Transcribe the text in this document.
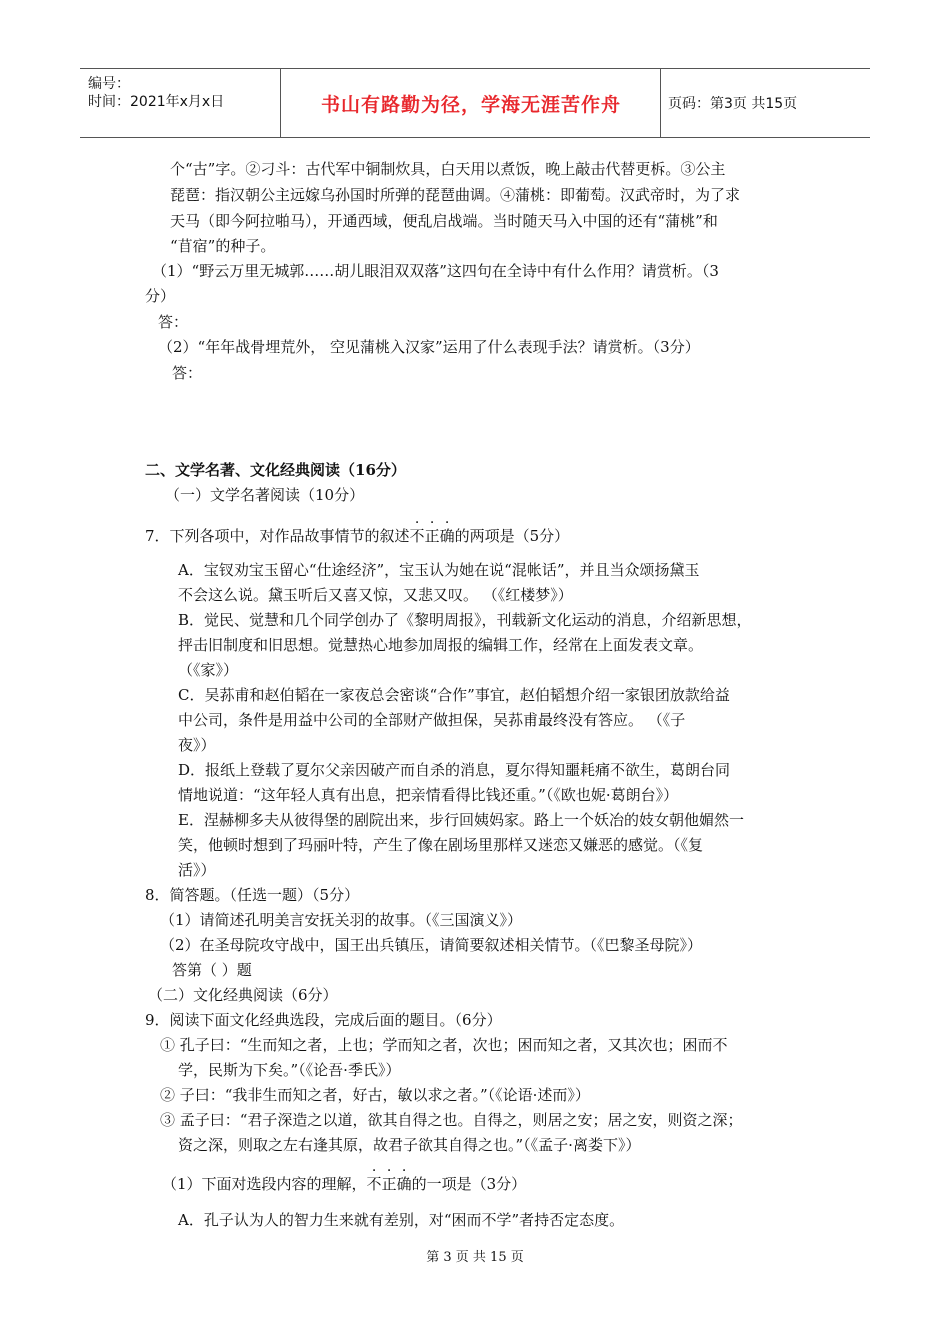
编号：
时间：2021年x月x日	书山有路勤为径，学海无涯苦作舟	页码：第3页 共15页
个“古”字。②刁斗：古代军中铜制炊具，白天用以煮饭，晚上敲击代替更柝。③公主
琵琶：指汉朝公主远嫁乌孙国时所弹的琵琶曲调。④蒲桃：即葡萄。汉武帝时，为了求
天马（即今阿拉啪马），开通西域，便乱启战端。当时随天马入中国的还有“蒲桃”和
“苜宿”的种子。
（1）“野云万里无城郭……胡儿眼泪双双落”这四句在全诗中有什么作用？请赏析。（3
分）
答：
（2）“年年战骨埋荒外， 空见蒲桃入汉家”运用了什么表现手法？请赏析。（3分）
答：
二、文学名著、文化经典阅读（16分）
（一）文学名著阅读（10分）
7．下列各项中，对作品故事情节的叙述不正确的两项是（5分）
A．宝钗劝宝玉留心“仕途经济”，宝玉认为她在说“混帐话”，并且当众颂扬黛玉
不会这么说。黛玉听后又喜又惊，又悲又叹。 （《红楼梦》）
B．觉民、觉慧和几个同学创办了《黎明周报》，刊载新文化运动的消息，介绍新思想，
抨击旧制度和旧思想。觉慧热心地参加周报的编辑工作，经常在上面发表文章。
（《家》）
C．吴荪甫和赵伯韬在一家夜总会密谈“合作”事宜，赵伯韬想介绍一家银团放款给益
中公司，条件是用益中公司的全部财产做担保，吴荪甫最终没有答应。 （《子
夜》）
D．报纸上登载了夏尔父亲因破产而自杀的消息，夏尔得知噩耗痛不欲生，葛朗台同
情地说道：“这年轻人真有出息，把亲情看得比钱还重。”（《欧也妮·葛朗台》）
E．涅赫柳多夫从彼得堡的剧院出来，步行回姨妈家。路上一个妖冶的妓女朝他媚然一
笑，他顿时想到了玛丽叶特，产生了像在剧场里那样又迷恋又嫌恶的感觉。（《复
活》）
8．简答题。（任选一题）（5分）
（1）请简述孔明美言安抚关羽的故事。（《三国演义》）
（2）在圣母院攻守战中，国王出兵镇压，请简要叙述相关情节。（《巴黎圣母院》）
答第（ ）题
（二）文化经典阅读（6分）
9．阅读下面文化经典选段，完成后面的题目。（6分）
① 孔子曰：“生而知之者，上也；学而知之者，次也；困而知之者，又其次也；困而不
学，民斯为下矣。”（《论吾·季氏》）
② 子曰：“我非生而知之者，好古，敏以求之者。”（《论语·述而》）
③ 孟子曰：“君子深造之以道，欲其自得之也。自得之，则居之安；居之安，则资之深；
资之深，则取之左右逢其原，故君子欲其自得之也。”（《孟子·离娄下》）
（1）下面对选段内容的理解，不正确的一项是（3分）
A．孔子认为人的智力生来就有差别，对“困而不学”者持否定态度。
第 3 页 共 15 页
